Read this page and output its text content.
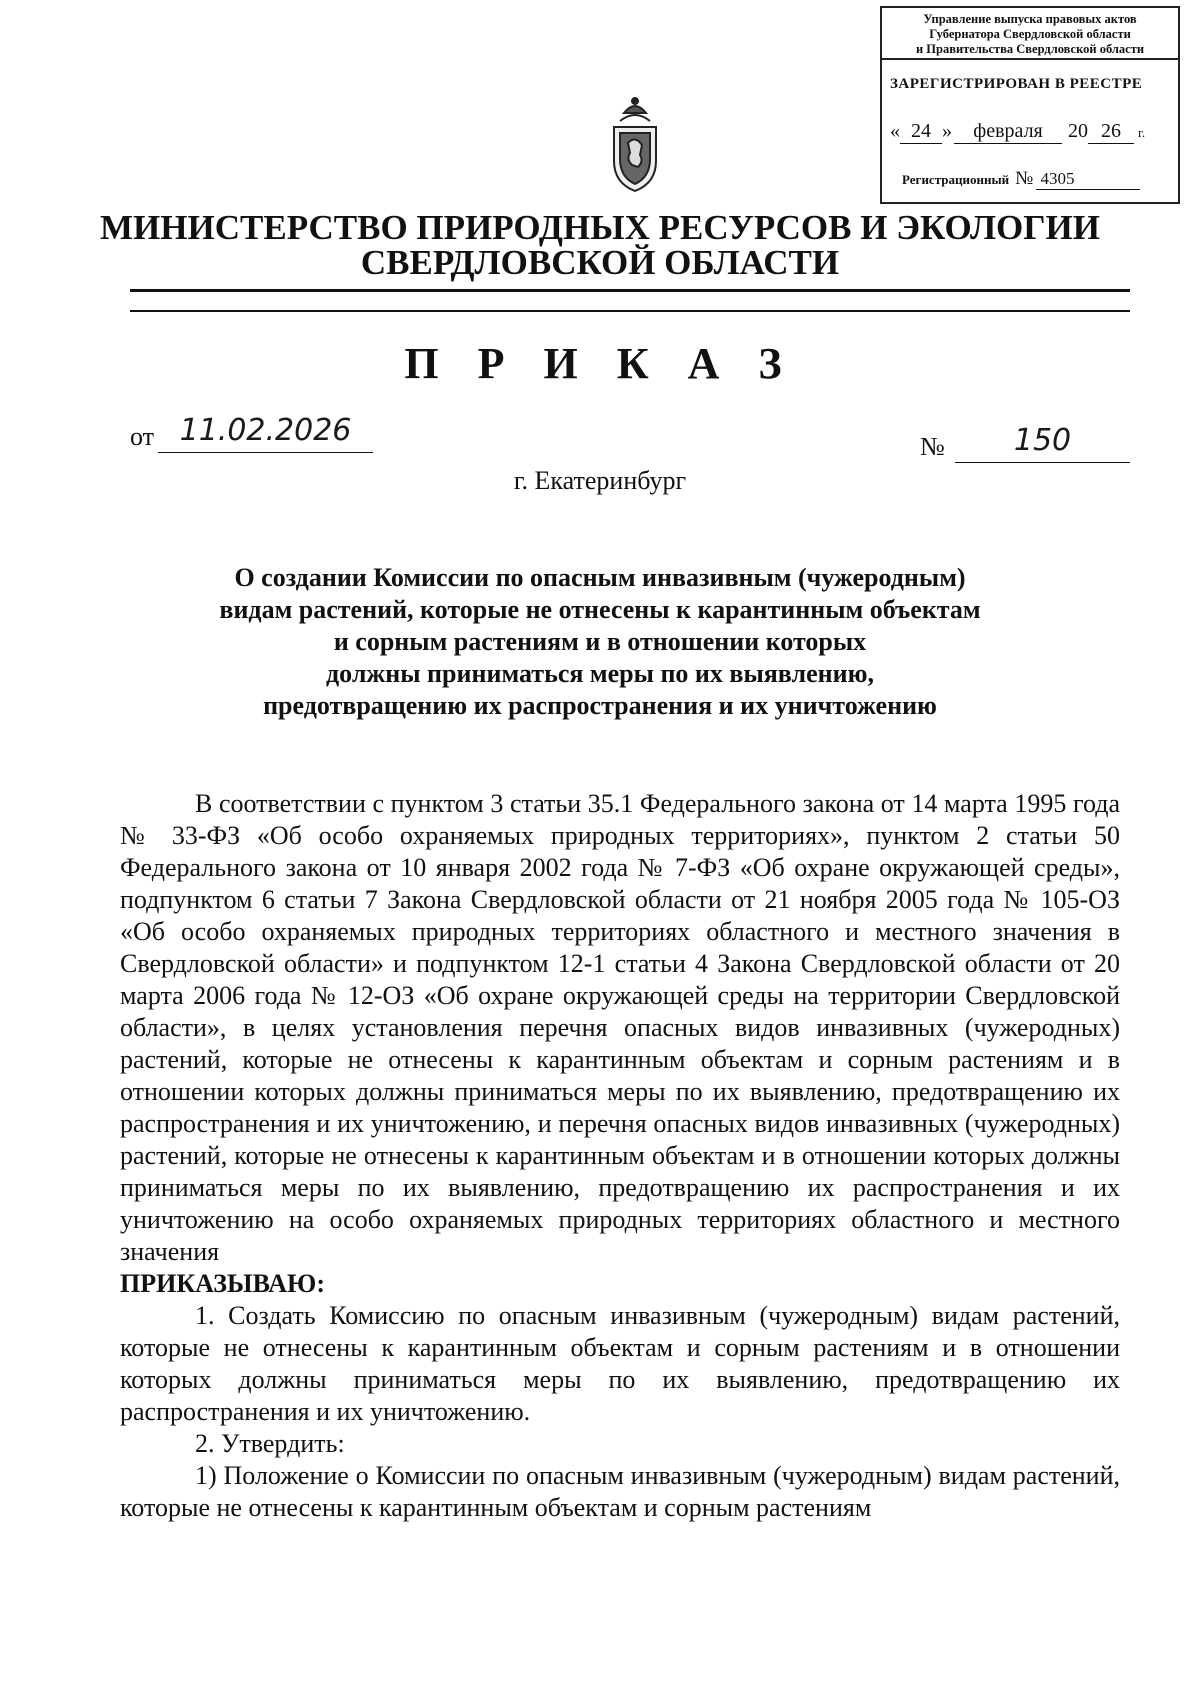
Управление выпуска правовых актов
Губернатора Свердловской области
и Правительства Свердловской области
ЗАРЕГИСТРИРОВАН В РЕЕСТРЕ
« 24 » февраля 20 26 г.
Регистрационный № 4305
МИНИСТЕРСТВО ПРИРОДНЫХ РЕСУРСОВ И ЭКОЛОГИИ
СВЕРДЛОВСКОЙ ОБЛАСТИ
П Р И К А З
от 11.02.2026	№	150
г. Екатеринбург
О создании Комиссии по опасным инвазивным (чужеродным)
видам растений, которые не отнесены к карантинным объектам
и сорным растениям и в отношении которых
должны приниматься меры по их выявлению,
предотвращению их распространения и их уничтожению

В соответствии с пунктом 3 статьи 35.1 Федерального закона от 14 марта 1995 года № 33-ФЗ «Об особо охраняемых природных территориях», пунктом 2 статьи 50 Федерального закона от 10 января 2002 года № 7-ФЗ «Об охране окружающей среды», подпунктом 6 статьи 7 Закона Свердловской области от 21 ноября 2005 года № 105-ОЗ «Об особо охраняемых природных территориях областного и местного значения в Свердловской области» и подпунктом 12-1 статьи 4 Закона Свердловской области от 20 марта 2006 года № 12-ОЗ «Об охране окружающей среды на территории Свердловской области», в целях установления перечня опасных видов инвазивных (чужеродных) растений, которые не отнесены к карантинным объектам и сорным растениям и в отношении которых должны приниматься меры по их выявлению, предотвращению их распространения и их уничтожению, и перечня опасных видов инвазивных (чужеродных) растений, которые не отнесены к карантинным объектам и в отношении которых должны приниматься меры по их выявлению, предотвращению их распространения и их уничтожению на особо охраняемых природных территориях областного и местного значения

ПРИКАЗЫВАЮ:

1. Создать Комиссию по опасным инвазивным (чужеродным) видам растений, которые не отнесены к карантинным объектам и сорным растениям и в отношении которых должны приниматься меры по их выявлению, предотвращению их распространения и их уничтожению.

2. Утвердить:

1) Положение о Комиссии по опасным инвазивным (чужеродным) видам растений, которые не отнесены к карантинным объектам и сорным растениям
